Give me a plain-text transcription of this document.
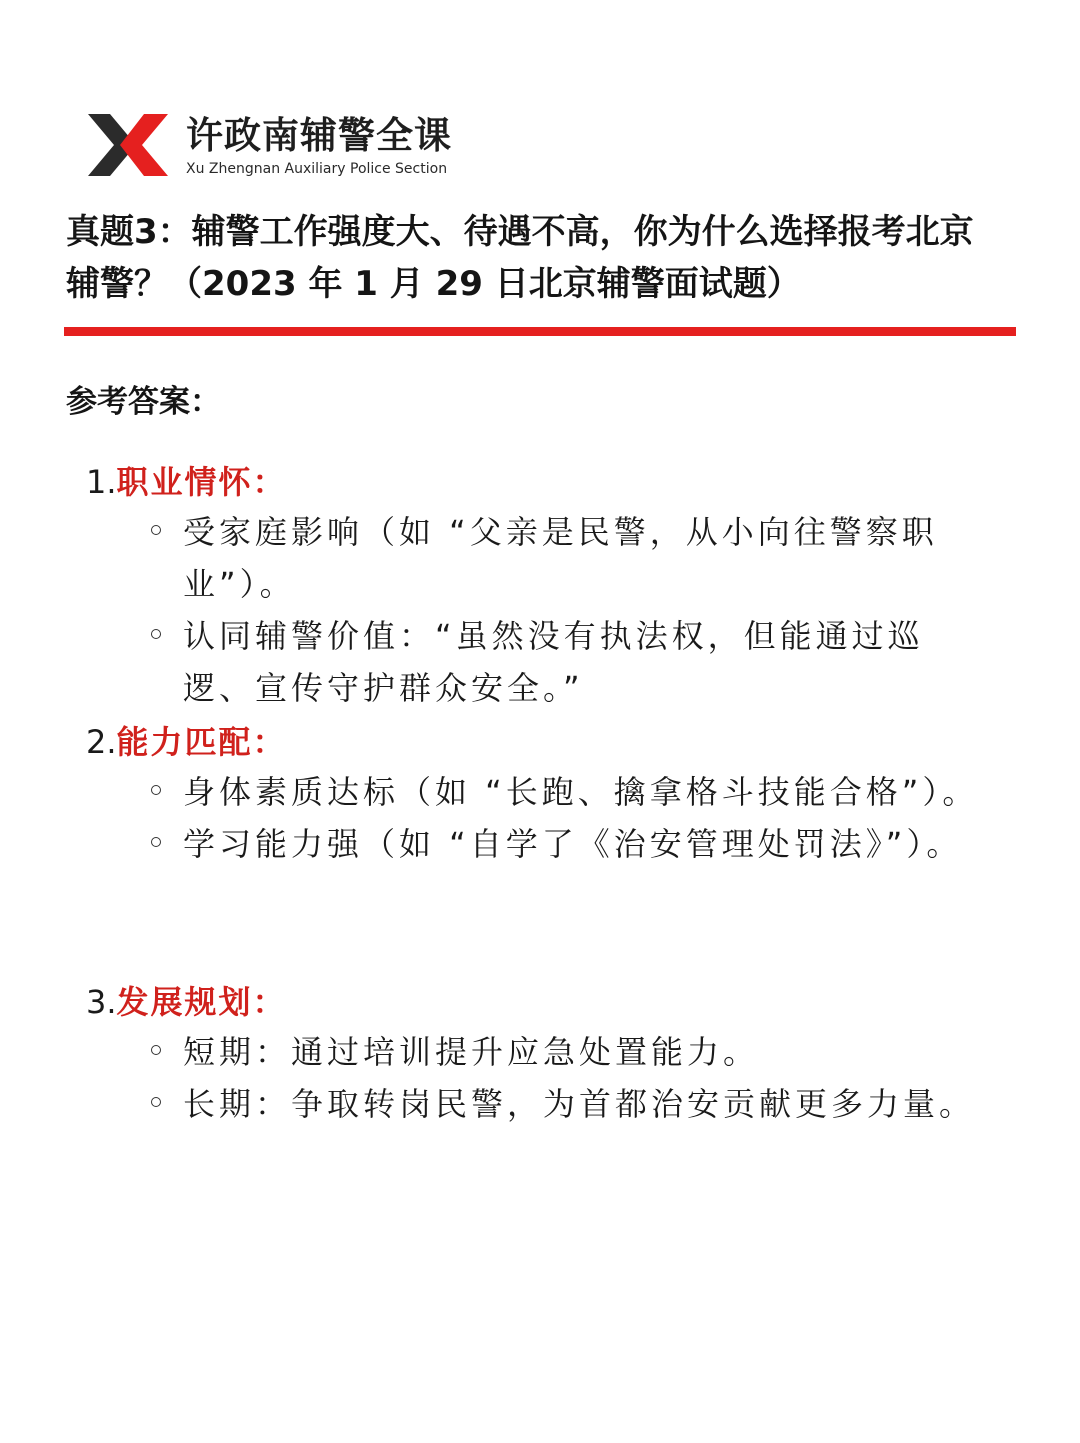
许政南辅警全课
Xu Zhengnan Auxiliary Police Section
真题3：辅警工作强度大、待遇不高，你为什么选择报考北京
辅警？（2023 年 1 月 29 日北京辅警面试题）
参考答案：
1.职业情怀：
受家庭影响（如 “父亲是民警，从小向往警察职业”）。
认同辅警价值：“虽然没有执法权，但能通过巡逻、宣传守护群众安全。”
2.能力匹配：
身体素质达标（如 “长跑、擒拿格斗技能合格”）。
学习能力强（如 “自学了《治安管理处罚法》”）。
3.发展规划：
短期：通过培训提升应急处置能力。
长期：争取转岗民警，为首都治安贡献更多力量。
